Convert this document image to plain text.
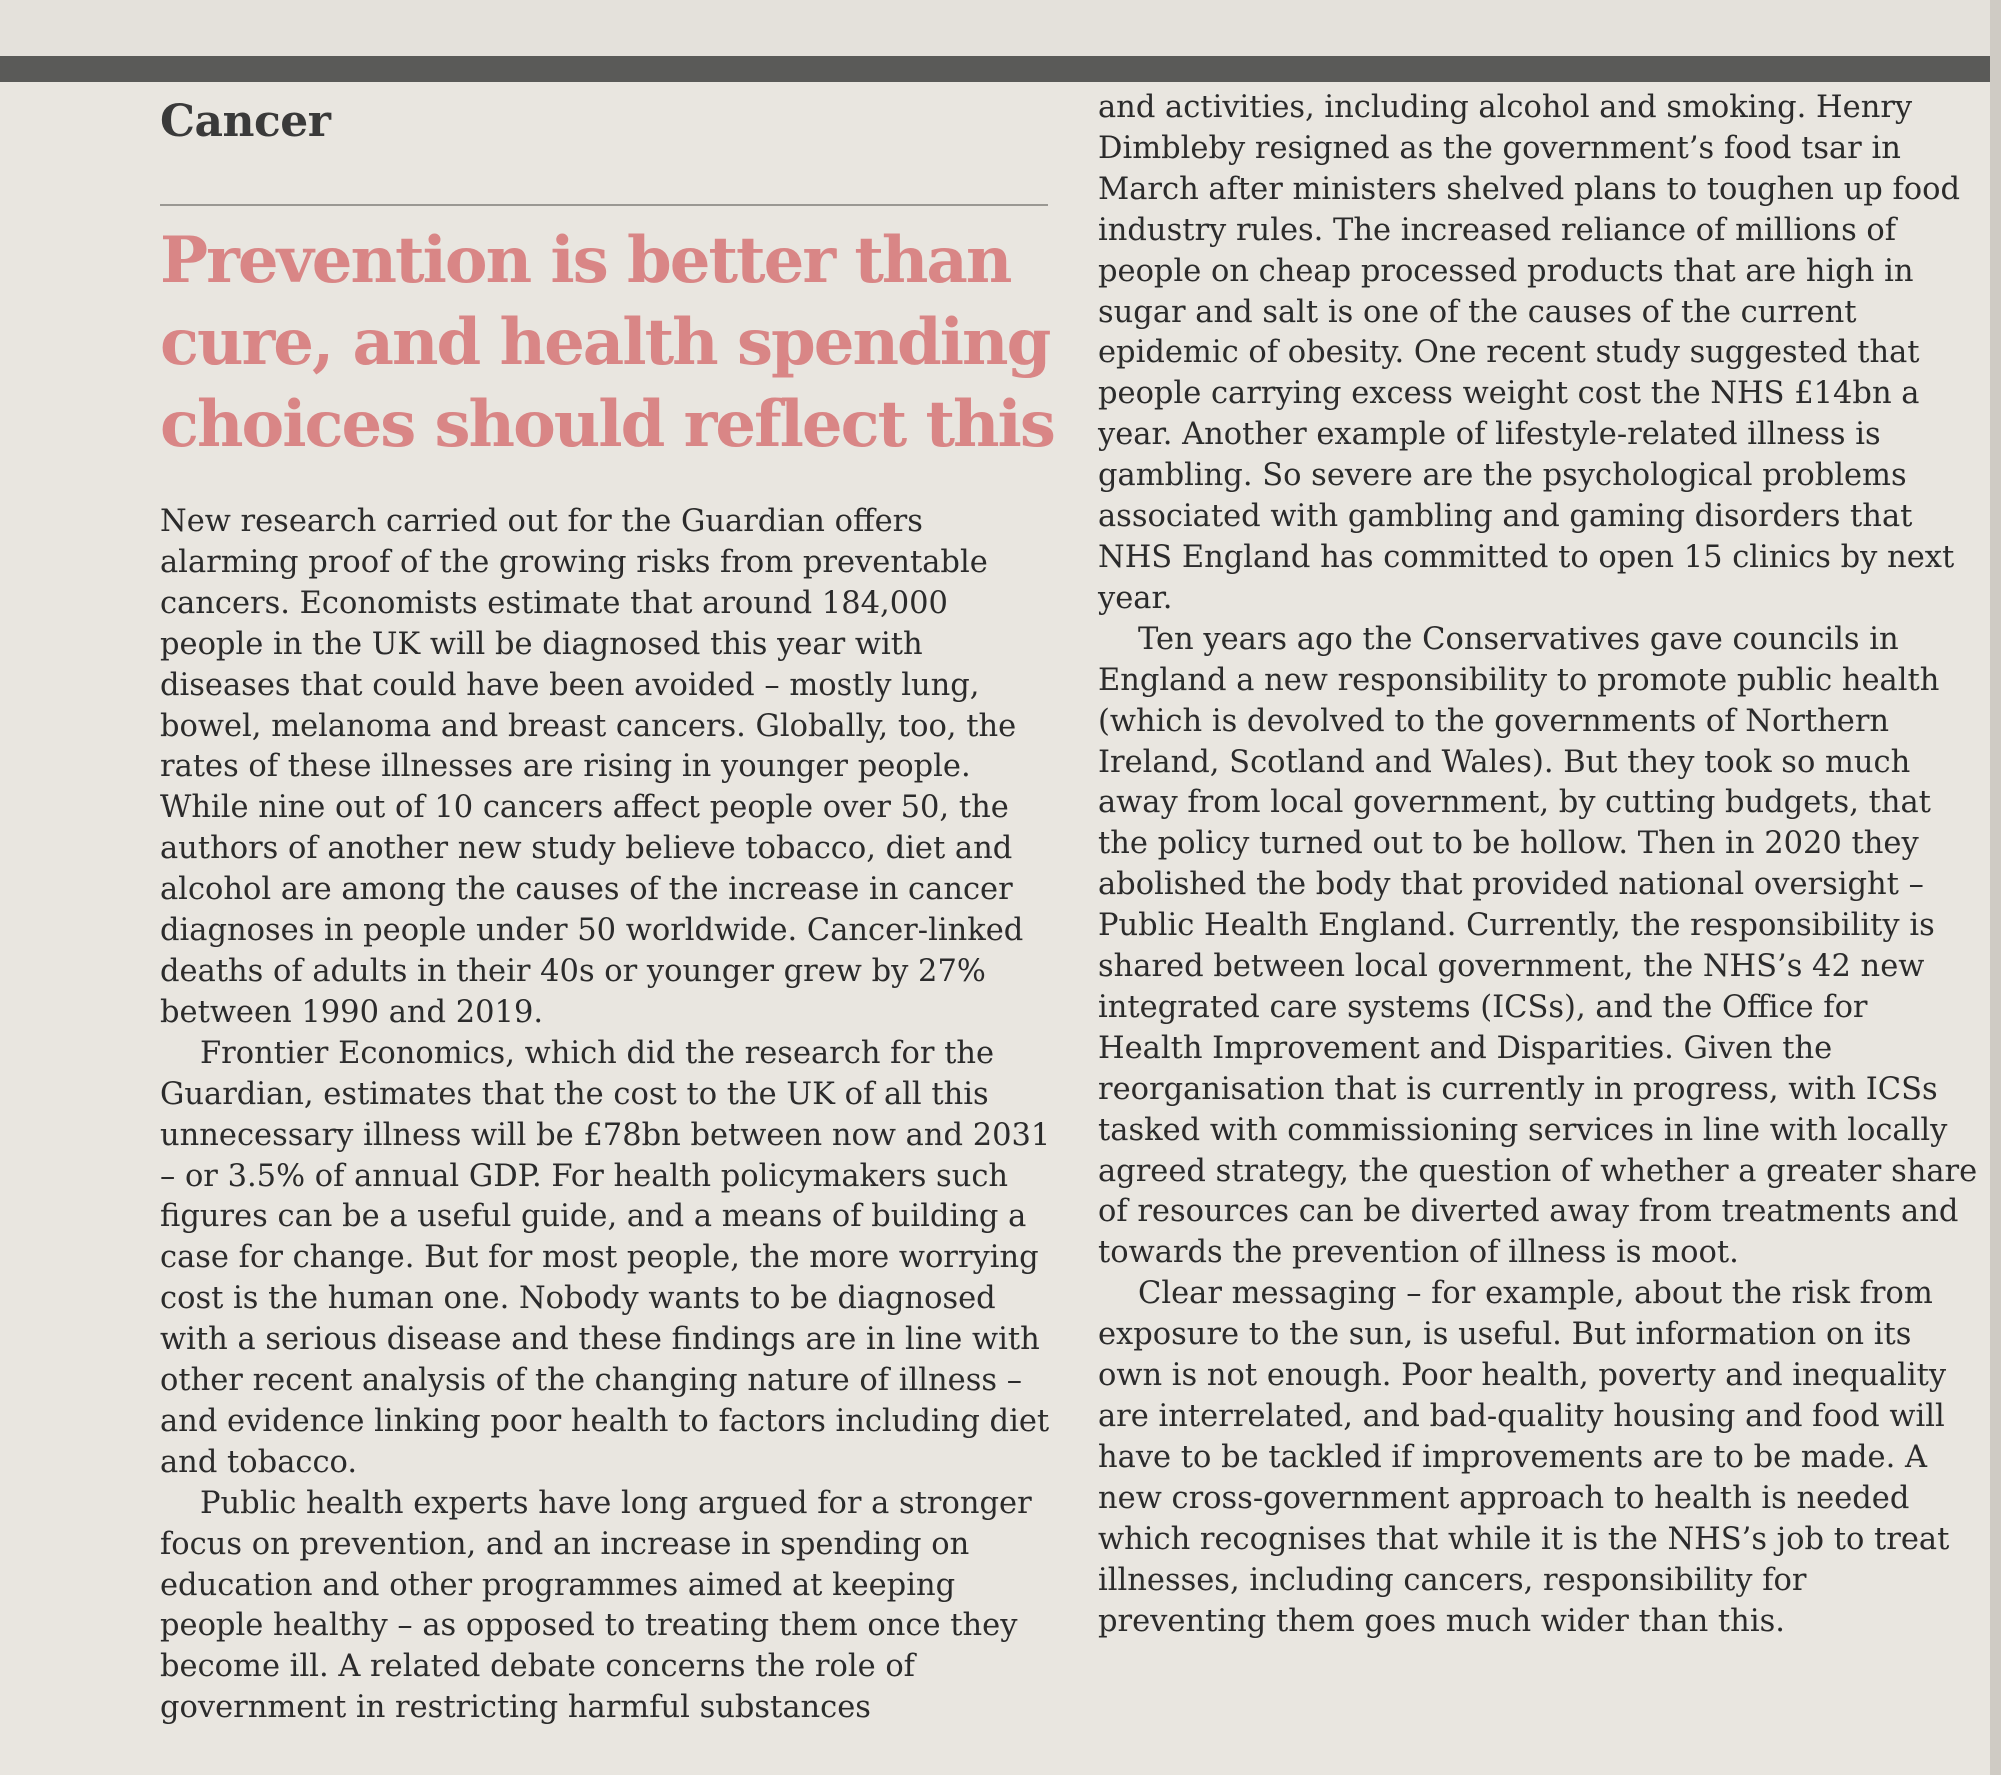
Cancer
Prevention is better than cure, and health spending choices should reflect this

New research carried out for the Guardian offers alarming proof of the growing risks from preventable cancers. Economists estimate that around 184,000 people in the UK will be diagnosed this year with diseases that could have been avoided – mostly lung, bowel, melanoma and breast cancers. Globally, too, the rates of these illnesses are rising in younger people. While nine out of 10 cancers affect people over 50, the authors of another new study believe tobacco, diet and alcohol are among the causes of the increase in cancer diagnoses in people under 50 worldwide. Cancer-linked deaths of adults in their 40s or younger grew by 27% between 1990 and 2019.

Frontier Economics, which did the research for the Guardian, estimates that the cost to the UK of all this unnecessary illness will be £78bn between now and 2031 – or 3.5% of annual GDP. For health policymakers such figures can be a useful guide, and a means of building a case for change. But for most people, the more worrying cost is the human one. Nobody wants to be diagnosed with a serious disease and these findings are in line with other recent analysis of the changing nature of illness – and evidence linking poor health to factors including diet and tobacco.

Public health experts have long argued for a stronger focus on prevention, and an increase in spending on education and other programmes aimed at keeping people healthy – as opposed to treating them once they become ill. A related debate concerns the role of government in restricting harmful substances

and activities, including alcohol and smoking. Henry Dimbleby resigned as the government’s food tsar in March after ministers shelved plans to toughen up food industry rules. The increased reliance of millions of people on cheap processed products that are high in sugar and salt is one of the causes of the current epidemic of obesity. One recent study suggested that people carrying excess weight cost the NHS £14bn a year. Another example of lifestyle-related illness is gambling. So severe are the psychological problems associated with gambling and gaming disorders that NHS England has committed to open 15 clinics by next year.

Ten years ago the Conservatives gave councils in England a new responsibility to promote public health (which is devolved to the governments of Northern Ireland, Scotland and Wales). But they took so much away from local government, by cutting budgets, that the policy turned out to be hollow. Then in 2020 they abolished the body that provided national oversight – Public Health England. Currently, the responsibility is shared between local government, the NHS’s 42 new integrated care systems (ICSs), and the Office for Health Improvement and Disparities. Given the reorganisation that is currently in progress, with ICSs tasked with commissioning services in line with locally agreed strategy, the question of whether a greater share of resources can be diverted away from treatments and towards the prevention of illness is moot.

Clear messaging – for example, about the risk from exposure to the sun, is useful. But information on its own is not enough. Poor health, poverty and inequality are interrelated, and bad-quality housing and food will have to be tackled if improvements are to be made. A new cross-government approach to health is needed which recognises that while it is the NHS’s job to treat illnesses, including cancers, responsibility for preventing them goes much wider than this.
